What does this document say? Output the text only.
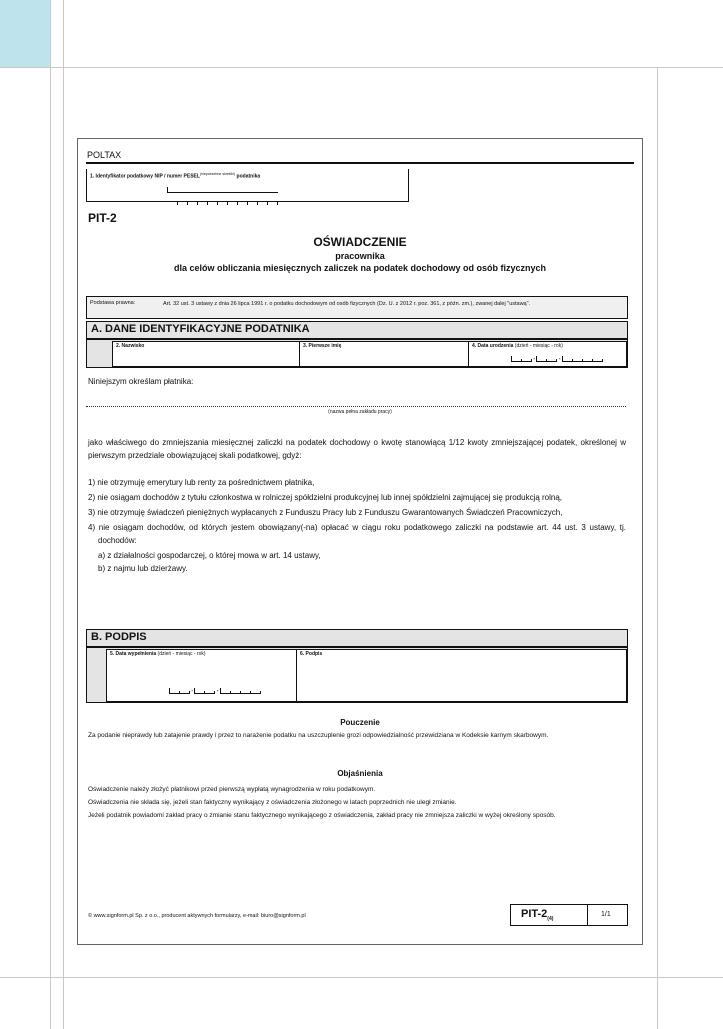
POLTAX
1. Identyfikator podatkowy NIP / numer $PESEL^{(niepotrzebne skreślić)}$ podatnika
PIT-2
OŚWIADCZENIE
pracownika
dla celów obliczania miesięcznych zaliczek na podatek dochodowy od osób fizycznych
Podstawa prawna:	Art. 32 ust. 3 ustawy z dnia 26 lipca 1991 r. o podatku dochodowym od osób fizycznych (Dz. U. z 2012 r. poz. 361, z późn. zm.), zwanej dalej "ustawą".
A. DANE IDENTYFIKACYJNE PODATNIKA
2. Nazwisko	3. Pierwsze imię	4. Data urodzenia (dzień - miesiąc - rok)
-	-
Niniejszym określam płatnika:
(nazwa pełna zakładu pracy)
jako właściwego do zmniejszania miesięcznej zaliczki na podatek dochodowy o kwotę stanowiącą 1/12 kwoty zmniejszającej podatek, określonej w pierwszym przedziale obowiązującej skali podatkowej, gdyż:
1) nie otrzymuję emerytury lub renty za pośrednictwem płatnika,
2) nie osiągam dochodów z tytułu członkostwa w rolniczej spółdzielni produkcyjnej lub innej spółdzielni zajmującej się produkcją rolną,
3) nie otrzymuję świadczeń pieniężnych wypłacanych z Funduszu Pracy lub z Funduszu Gwarantowanych Świadczeń Pracowniczych,
4) nie osiągam dochodów, od których jestem obowiązany(-na) opłacać w ciągu roku podatkowego zaliczki na podstawie art. 44 ust. 3 ustawy, tj. dochodów:
a) z działalności gospodarczej, o której mowa w art. 14 ustawy,
b) z najmu lub dzierżawy.
B. PODPIS
5. Data wypełnienia (dzień - miesiąc - rok)
-	-
6. Podpis
Pouczenie
Za podanie nieprawdy lub zatajenie prawdy i przez to narażenie podatku na uszczuplenie grozi odpowiedzialność przewidziana w Kodeksie karnym skarbowym.
Objaśnienia
Oświadczenie należy złożyć płatnikowi przed pierwszą wypłatą wynagrodzenia w roku podatkowym.
Oświadczenia nie składa się, jeżeli stan faktyczny wynikający z oświadczenia złożonego w latach poprzednich nie uległ zmianie.
Jeżeli podatnik powiadomi zakład pracy o zmianie stanu faktycznego wynikającego z oświadczenia, zakład pracy nie zmniejsza zaliczki w wyżej określony sposób.
© www.signform.pl Sp. z o.o., producent aktywnych formularzy, e-mail: biuro@signform.pl	PIT-$2_{(4)}$
1/1
